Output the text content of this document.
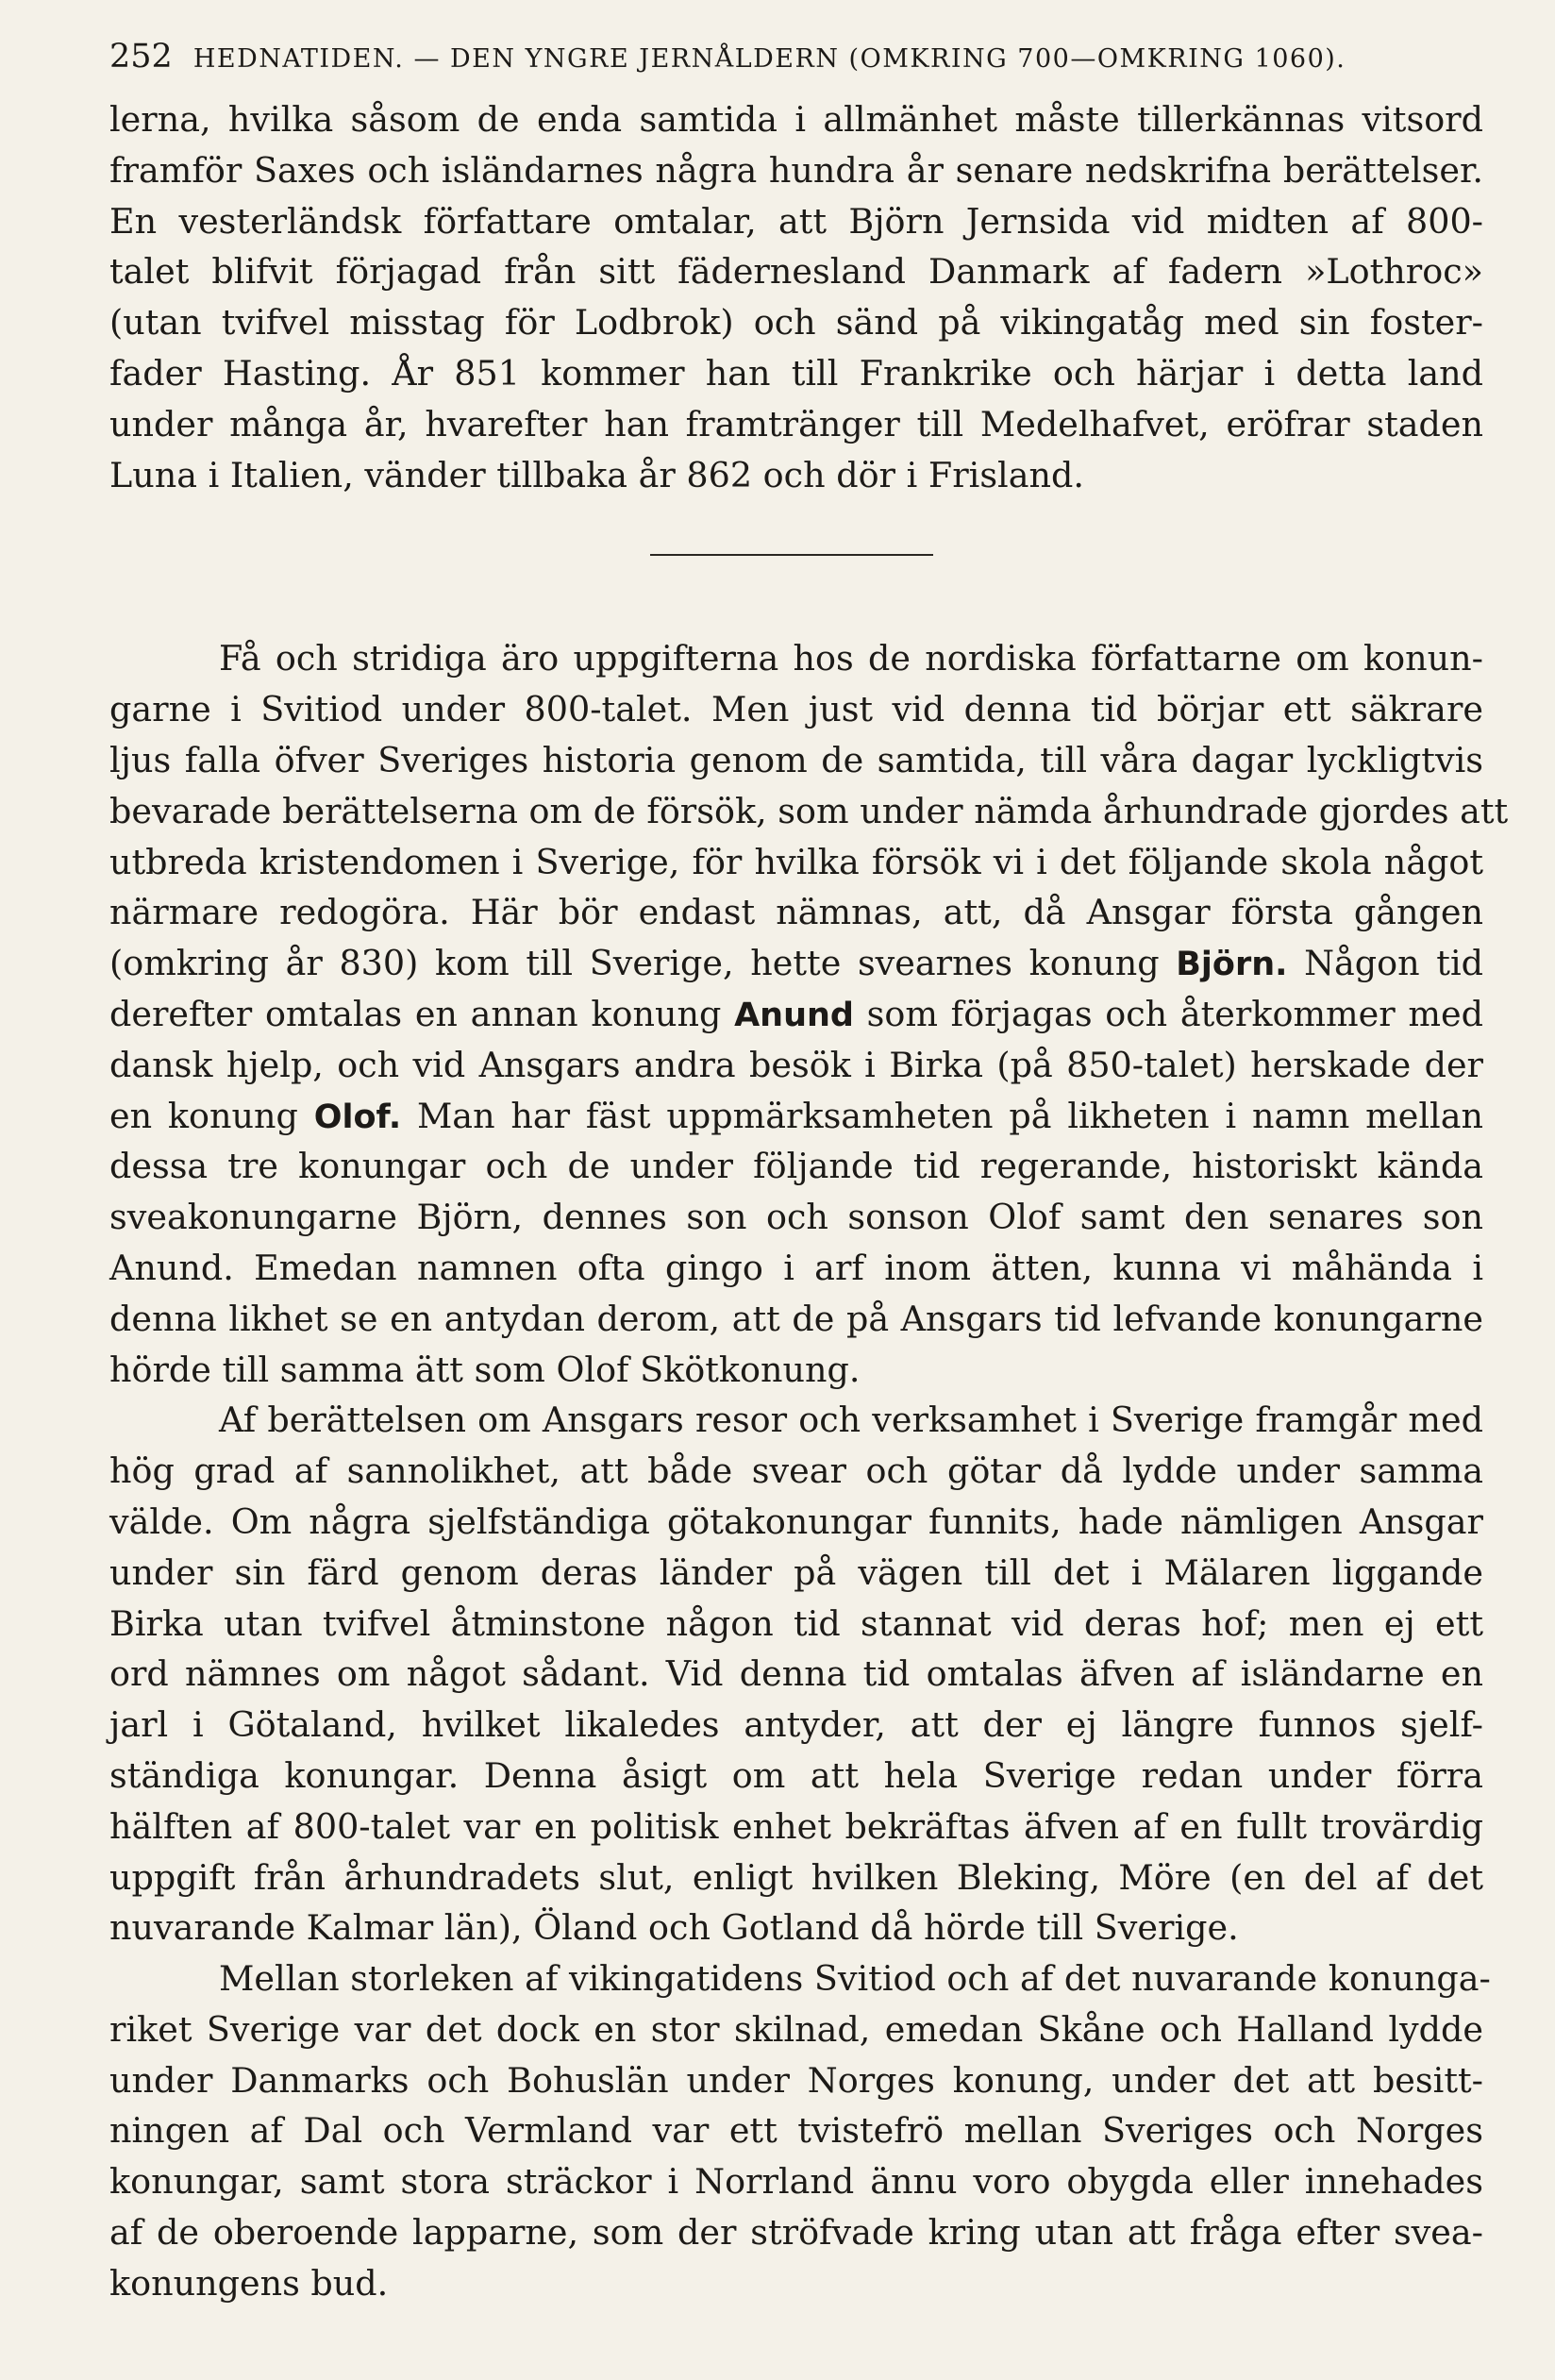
252 HEDNATIDEN. — DEN YNGRE JERNÅLDERN (OMKRING 700—OMKRING 1060).
lerna, hvilka såsom de enda samtida i allmänhet måste tillerkännas vitsord
framför Saxes och isländarnes några hundra år senare nedskrifna berättelser.
En vesterländsk författare omtalar, att Björn Jernsida vid midten af 800-
talet blifvit förjagad från sitt fädernesland Danmark af fadern »Lothroc»
(utan tvifvel misstag för Lodbrok) och sänd på vikingatåg med sin foster-
fader Hasting. År 851 kommer han till Frankrike och härjar i detta land
under många år, hvarefter han framtränger till Medelhafvet, eröfrar staden
Luna i Italien, vänder tillbaka år 862 och dör i Frisland.
Få och stridiga äro uppgifterna hos de nordiska författarne om konun-
garne i Svitiod under 800-talet. Men just vid denna tid börjar ett säkrare
ljus falla öfver Sveriges historia genom de samtida, till våra dagar lyckligtvis
bevarade berättelserna om de försök, som under nämda århundrade gjordes att
utbreda kristendomen i Sverige, för hvilka försök vi i det följande skola något
närmare redogöra. Här bör endast nämnas, att, då Ansgar första gången
(omkring år 830) kom till Sverige, hette svearnes konung Björn. Någon tid
derefter omtalas en annan konung Anund som förjagas och återkommer med
dansk hjelp, och vid Ansgars andra besök i Birka (på 850-talet) herskade der
en konung Olof. Man har fäst uppmärksamheten på likheten i namn mellan
dessa tre konungar och de under följande tid regerande, historiskt kända
sveakonungarne Björn, dennes son och sonson Olof samt den senares son
Anund. Emedan namnen ofta gingo i arf inom ätten, kunna vi måhända i
denna likhet se en antydan derom, att de på Ansgars tid lefvande konungarne
hörde till samma ätt som Olof Skötkonung.
Af berättelsen om Ansgars resor och verksamhet i Sverige framgår med
hög grad af sannolikhet, att både svear och götar då lydde under samma
välde. Om några sjelfständiga götakonungar funnits, hade nämligen Ansgar
under sin färd genom deras länder på vägen till det i Mälaren liggande
Birka utan tvifvel åtminstone någon tid stannat vid deras hof; men ej ett
ord nämnes om något sådant. Vid denna tid omtalas äfven af isländarne en
jarl i Götaland, hvilket likaledes antyder, att der ej längre funnos sjelf-
ständiga konungar. Denna åsigt om att hela Sverige redan under förra
hälften af 800-talet var en politisk enhet bekräftas äfven af en fullt trovärdig
uppgift från århundradets slut, enligt hvilken Bleking, Möre (en del af det
nuvarande Kalmar län), Öland och Gotland då hörde till Sverige.
Mellan storleken af vikingatidens Svitiod och af det nuvarande konunga-
riket Sverige var det dock en stor skilnad, emedan Skåne och Halland lydde
under Danmarks och Bohuslän under Norges konung, under det att besitt-
ningen af Dal och Vermland var ett tvistefrö mellan Sveriges och Norges
konungar, samt stora sträckor i Norrland ännu voro obygda eller innehades
af de oberoende lapparne, som der ströfvade kring utan att fråga efter svea-
konungens bud.
